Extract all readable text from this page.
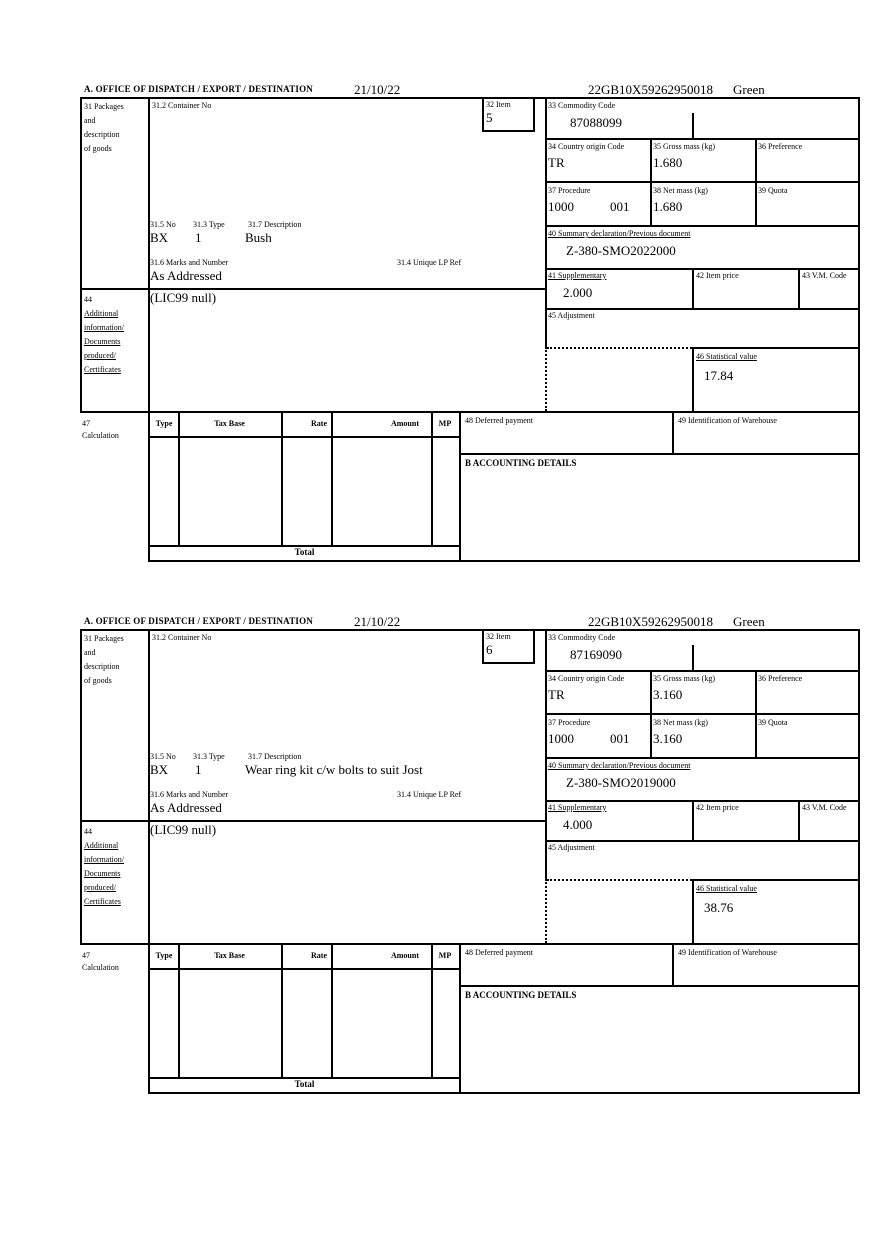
A. OFFICE OF DISPATCH / EXPORT / DESTINATION	21/10/22	22GB10X59262950018 Green
31 Packages
and
description
of goods
31.2 Container No	32 Item
5
33 Commodity Code
87088099
34 Country origin Code
TR
35 Gross mass (kg)
1.680
36 Preference
37 Procedure
1000	001
38 Net mass (kg)
1.680
39 Quota
40 Summary declaration/Previous document
Z-380-SMO2022000
41 Supplementary
2.000
42 Item price	43 V.M. Code
45 Adjustment
46 Statistical value
17.84
31.5 No 31.3 Type	31.7 Description
BX 1	Bush
31.6 Marks and Number	31.4 Unique LP Ref
As Addressed
44
Additional
information/
Documents
produced/
Certificates
(LIC99 null)
47
Calculation
Type	Tax Base	Rate	Amount	MP
Total
48 Deferred payment	49 Identification of Warehouse
B ACCOUNTING DETAILS
A. OFFICE OF DISPATCH / EXPORT / DESTINATION	21/10/22	22GB10X59262950018 Green
31 Packages
and
description
of goods
31.2 Container No	32 Item
6
33 Commodity Code
87169090
34 Country origin Code
TR
35 Gross mass (kg)
3.160
36 Preference
37 Procedure
1000	001
38 Net mass (kg)
3.160
39 Quota
40 Summary declaration/Previous document
Z-380-SMO2019000
41 Supplementary
4.000
42 Item price	43 V.M. Code
45 Adjustment
46 Statistical value
38.76
31.5 No 31.3 Type	31.7 Description
BX 1	Wear ring kit c/w bolts to suit Jost
31.6 Marks and Number	31.4 Unique LP Ref
As Addressed
44
Additional
information/
Documents
produced/
Certificates
(LIC99 null)
47
Calculation
Type	Tax Base	Rate	Amount	MP
Total
48 Deferred payment	49 Identification of Warehouse
B ACCOUNTING DETAILS
